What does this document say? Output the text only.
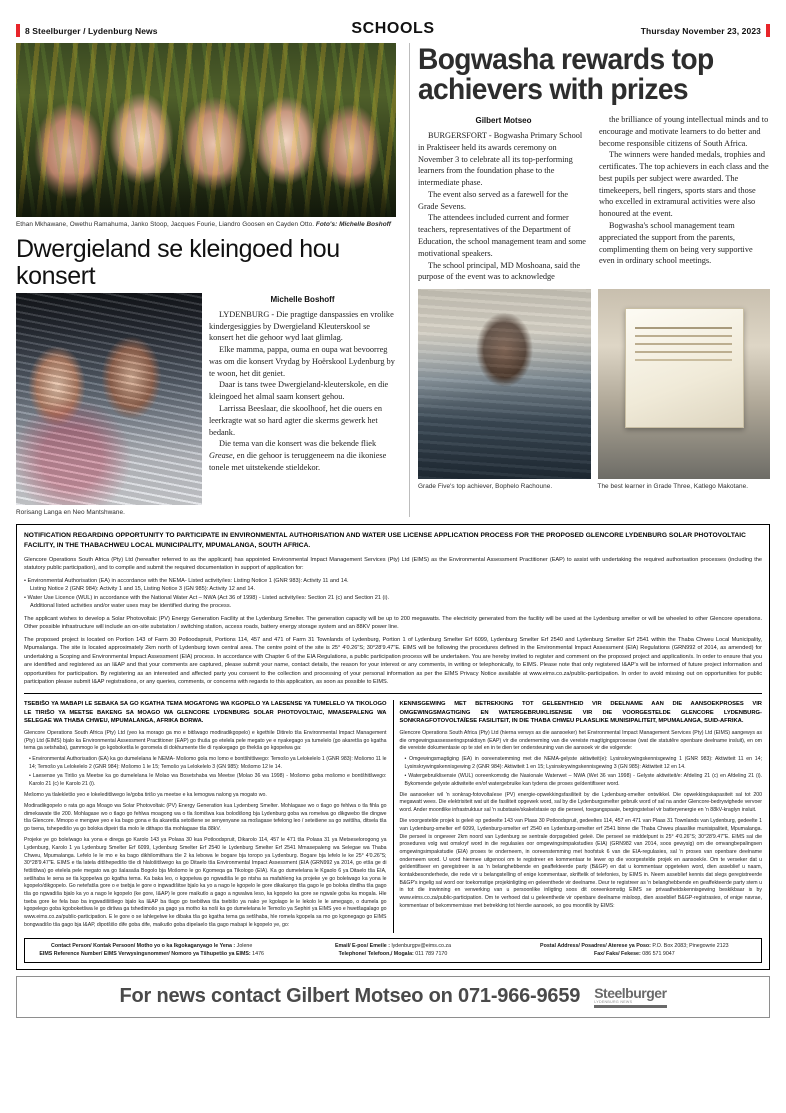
8 Steelburger / Lydenburg News	SCHOOLS	Thursday November 23, 2023

Ethan Mkhawane, Owethu Ramahuma, Janko Stoop, Jacques Fourie, Liandro Goosen en Cayden Otto. Foto's: Michelle Boshoff

Dwergieland se kleingoed hou konsert

Rorisang Langa en Neo Mantshwane.

Michelle Boshoff

LYDENBURG - Die pragtige danspassies en vrolike kindergesiggies by Dwergieland Kleuterskool se konsert het die gehoor wyd laat glimlag.

Elke mamma, pappa, ouma en oupa wat bevoorreg was om die konsert Vrydag by Hoërskool Lydenburg by te woon, het dit geniet.

Daar is tans twee Dwergieland-kleuterskole, en die kleingoed het almal saam konsert gehou.

Larrissa Beeslaar, die skoolhoof, het die ouers en leerkragte wat so hard agter die skerms gewerk het bedank.

Die tema van die konsert was die bekende fliek Grease, en die gehoor is teruggeneem na die ikoniese tonele met uitstekende stieldekor.

Bogwasha rewards top achievers with prizes
Gilbert Motseo

BURGERSFORT - Bogwasha Primary School in Praktiseer held its awards ceremony on November 3 to celebrate all its top-performing learners from the foundation phase to the intermediate phase.

The event also served as a farewell for the Grade Sevens.

The attendees included current and former teachers, representatives of the Department of Education, the school management team and some motivational speakers.

The school principal, MD Moshoana, said the purpose of the event was to acknowledge

the brilliance of young intellectual minds and to encourage and motivate learners to do better and become responsible citizens of South Africa.

The winners were handed medals, trophies and certificates. The top achievers in each class and the best pupils per subject were awarded. The timekeepers, bell ringers, sports stars and those who excelled in extramural activities were also honoured at the event.

Bogwasha's school management team appreciated the support from the parents, complimenting them on being very supportive even in ordinary school meetings.

Grade Five's top achiever, Bophelo Rachoune.	The best learner in Grade Three, Katlego Makotane.

NOTIFICATION REGARDING OPPORTUNITY TO PARTICIPATE IN ENVIRONMENTAL AUTHORISATION AND WATER USE LICENSE APPLICATION PROCESS FOR THE PROPOSED GLENCORE LYDENBURG SOLAR PHOTOVOLTAIC FACILITY, IN THE THABACHWEU LOCAL MUNICIPALITY, MPUMALANGA, SOUTH AFRICA.

Glencore Operations South Africa (Pty) Ltd (hereafter referred to as the applicant) has appointed Environmental Impact Management Services (Pty) Ltd (EIMS) as the Environmental Assessment Practitioner (EAP) to assist with undertaking the required authorisation processes (including the statutory public participation), and to compile and submit the required documentation in support of application for:

• Environmental Authorisation (EA) in accordance with the NEMA- Listed activity/ies: Listing Notice 1 (GNR 983): Activity 11 and 14.
Listing Notice 2 (GNR 984): Activity 1 and 15, Listing Notice 3 (GN 985): Activity 12 and 14.
• Water Use Licence (WUL) in accordance with the National Water Act – NWA (Act 36 of 1998) - Listed activity/ies: Section 21 (c) and Section 21 (i).
Additional listed activities and/or water uses may be identified during the process.

The applicant wishes to develop a Solar Photovoltaic (PV) Energy Generation Facility at the Lydenburg Smelter. The generation capacity will be up to 200 megawatts. The electricity generated from the facility will be used at the Lydenburg smelter or will be wheeled to other Glencore operations. Other possible infrastructure will include an on-site substation / switching station, access roads, battery energy storage system and an 88KV power line.

The proposed project is located on Portion 143 of Farm 30 Potloodspruit, Portions 114, 457 and 471 of Farm 31 Townlands of Lydenburg, Portion 1 of Lydenburg Smelter Erf 6099, Lydenburg Smelter Erf 2540 and Lydenburg Smelter Erf 2541 within the Thaba Chweu Local Municipality, Mpumalanga. The site is located approximately 2km north of Lydenburg town central area. The centre point of the site is 25° 4'0.26"S; 30°28'9.47"E. EIMS will be following the procedures defined in the Environmental Impact Assessment (EIA) Regulations (GRN992 of 2014, as amended) for undertaking a Scoping and Environmental Impact Assessment (EIA) process. In accordance with Chapter 6 of the EIA Regulations, a public participation process will be undertaken. You are hereby invited to register and comment on the proposed project and application/s. In order to ensure that you are identified and registered as an I&AP and that your comments are captured, please submit your name, contact details, the reason for your interest or any comments, in writing or telephonically, to EIMS. Please note that only registered I&AP's will be informed of future project information and opportunities for participation. By registering as an interested and affected party you consent to the collection and processing of your personal information as per the EIMS Privacy Notice available at www.eims.co.za/public-participation. In order to avoid missing out on opportunities for public participation please submit I&AP registrations, or any queries, comments, or concerns with regards to this application, as soon as possible to EIMS.

TSEBIŠO YA MABAPI LE SEBAKA SA GO KGATHA TEMA MOGATONG WA KGOPELO YA LAESENSE YA TUMELELO YA TIKOLOGO LE TIRIŠO YA MEETSE BAKENG SA MOAGO WA GLENCORE LYDENBURG SOLAR PHOTOVOLTAIC, MMASEPALENG WA SELEGAE WA THABA CHWEU, MPUMALANGA, AFRIKA BORWA.

Glencore Operations South Africa (Pty) Ltd (yeo ka morago ga mo e bitšwago modiradikgopelo) e kgethile Ditirelo tša Environmental Impact Management (Pty) Ltd (EIMS) bjalo ka Environmental Assessment Practitioner (EAP) go thuša go etelela pele megato ye e nyakegago ya tumelelo (go akaretša go kgatha tema ga setshaba), gammogo le go kgoboketša le goromela di dokhumente tše di nyakegago go thekša go kgopelwa ga:

• Environmental Authorisation (EA) ka go dumelelana le NEMA- Mošomo gola mo lomo e bontšhitšwego: Temošo ya Lelokelelo 1 (GNR 983): Mošomo 11 le 14; Temošo ya Lelokelelo 2 (GNR 984): Mošomo 1 le 15; Temošo ya Lelokelelo 3 (GN 985): Mošomo 12 le 14.
• Laesense ya Tirišo ya Meetse ka go dumelelana le Molao wa Bosetshaba wa Meetse (Molao 36 wa 1998) - Mošomo goba mošomo e bontšhitšwego: Karolo 21 (c) le Karolo 21 (i).

Mešomo ya tlalekletšo yeo e lokeleditšwego le/goba tirišo ya meetse e ka lemogwa nalong ya mogato wo.

Modiradikgopelo o rata go aga Moago wa Solar Photovoltaic (PV) Energy Generation kua Lydenberg Smelter. Mohlagase wo o tlago go fehlwa o tla fihla go dimekawate tše 200. Mohlagase wo o tlago go fehlwa moagong wa o tla šomišwa kua bolodišong bja Lydenburg goba wa romelwa go dikgwebo tše dingwe tša Glencore. Mmopo e mengwe yeo e ka bago gona e tla akaretša setoišene se senyenyane sa mošagase tefelong leo / seteišene sa go switšha, ditsela tša go tsena, tshepedišo ya go boloka dipeiri tša molo le dithapo tša mohlagase tša 88kV.

Projeke ye go bolelwago ka yona e direga go Karolo 143 ya Polasa 30 kua Potloodspruit, Dikarolo 114, 457 le 471 tša Polasa 31 ya Metseselorogong ya Lydenburg, Karolo 1 ya Lydenburg Smelter Erf 6099, Lydenburg Smelter Erf 2540 le Lydenburg Smelter Erf 2541 Mmasepaleng wa Selegae wa Thaba Chweu, Mpumalanga. Lefelo le le mo e ka bago dikhilomithara tše 2 ka lebowa le bogare bja toropo ya Lydenburg. Bogare bja lefelo le ke 25° 4'0.26"S; 30°28'9.47"E. EIMS e tla latela ditšhepedišo tše di hlalošitšwego ka go Ditaelo tša Environmental Impact Assessment (EIA (GRN992 ya 2014, go etša ge di fetšitšwa) go etelela pele megato wa go šalasaša Bogolo bja Mošomo le go Kgomeqa ga Tikologo (EIA). Ka go dumelelana le Kgaolo 6 ya Ditaelo tša EIA, setšhaba le sena se tla kgopelwa go kgatha tema. Ka baka leo, o kgopelwa go ngwadiša le go ntsha sa mafahleng ka projeke ye go bolelwago ka yona le kgopelo/dikgopelo. Go netefatša gore o e tsebja le gore o ingwadišitse bjalo ka yo a nago le kgopelo le gore dikakanyo tša gago le go boloka dintlha tša gago tša go ngwadiša bjalo ka yo a nago le kgopelo (ke gore, I&AP) le gore maikutlo a gago a ngwalwa leso, ka kgopelo ka gore se ngwale goba ka mogala. Hle tseba gore ke fela bao ba ingwadišitšego bjalo ka I&AP ba tlago go tsebišwa tša tsebišo ya nako ye kgolago le le lekolo le le amegago, o dumela go kgopelego goba kgoboketšwa le go diršwa ga tshedimošo ya gago ya motho ka noši ka go dumelelana le Temošo ya Sephiri ya EIMS yeo e hwetšagalago go www.eims.co.za/public-participation. E le gore o se lahlegelwe ke dibaka tša go kgatha tema ga setšhaba, hle romela kgopela sa mo go kgonegago go EIMS bongwadišo tša gago bja I&AP, dipotšišo dife goba dife, maikutlo goba dipelaelo tša gago mabapi le kgopelo ye, go:

KENNISGEWING MET BETREKKING TOT GELEENTHEID VIR DEELNAME AAN DIE AANSOEKPROSES VIR OMGEWINGSMAGTIGING EN WATERGEBRUIKLISENSIE VIR DIE VOORGESTELDE GLENCORE LYDENBURG-SONKRAGFOTOVOLTAÏESE FASILITEIT, IN DIE THABA CHWEU PLAASLIKE MUNISIPALITEIT, MPUMALANGA, SUID-AFRIKA.

Glencore Operations South Africa (Pty) Ltd (hierna verwys as die aansoeker) het Environmental Impact Management Services (Pty) Ltd (EIMS) aangewys as die omgewingsassesseringspraktisyn (EAP) vir die onderneming van die vereiste magtigingsprosesse (wat die statutêre openbare deelname insluit), en om die vereiste dokumentasie op te stel en in te dien ter ondersteuning van die aansoek vir die volgende:

• Omgewingsmagtiging (EA) in ooreenstemming met die NEMA-gelyste aktiwiteit(e): Lysinskrywingskennisgewing 1 (GNR 983): Aktiwiteit 11 en 14; Lysinskrywingskennisgewing 2 (GNR 984): Aktiwiteit 1 en 15; Lysinskrywingskennisgewing 3 (GN 985): Aktiwiteit 12 en 14.
• Watergebruiklisensie (WUL) ooreenkomstig die Nasionale Waterwet – NWA (Wet 36 van 1998) - Gelyste aktiwiteit/e: Afdeling 21 (c) en Afdeling 21 (i). Bykomende gelyste aktiwiteite en/of watergebruike kan tydens die proses geïdentifiseer word.

Die aansoeker wil 'n sonkrag-fotovoltaïese (PV) energie-opwekkingsfasiliteit by die Lydenburg-smelter ontwikkel. Die opwekkingskapasiteit sal tot 200 megawatt wees. Die elektrisiteit wat uit die fasiliteit opgewek word, sal by die Lydenburgsmelter gebruik word of sal na ander Glencore-bedrywighede vervoer word. Ander moontlike infrastruktuur sal 'n substasie/skakelstasie op die perseel, toegangspaaie, bergingstelsel vir batteryenergie en 'n 88kV-kraglyn insluit.

Die voorgestelde projek is geleë op gedeelte 143 van Plaas 30 Potloodspruit, gedeeltes 114, 457 en 471 van Plaas 31 Townlands van Lydenburg, gedeelte 1 van Lydenburg-smelter erf 6099, Lydenburg-smelter erf 2540 en Lydenburg-smelter erf 2541 binne die Thaba Chweu plaaslike munisipaliteit, Mpumalanga. Die perseel is ongeveer 2km noord van Lydenburg se sentrale dorpsgebied geleë. Die perseel se middelpunt is 25° 4'0.26"S; 30°28'9.47"E. EIMS sal die prosedures volg wat omskryf word in die regulasies oor omgewingsimpakstudies (EIA) (GRN982 van 2014, soos gewysig) om die omvangbepalingsen omgewingsimpakstudie (EIA) proses te onderneem, in ooreenstemming met hoofstuk 6 van die EIA-regulasies, sal 'n proses van openbare deelname onderneem word. U word hiermee uitgenooi om te registreer en kommentaar te lewer op die voorgestelde projek en aansoek/e. Om te verseker dat u geïdentifiseer en geregistreer is as 'n belanghebbende en geaffekteerde party (B&GP) en dat u kommentaar opgeteken word, dien asseblief u naam, kontakbesonderhede, die rede vir u belangstelling of enige kommentaar, skriftelik of telefonies, by EIMS in. Neem asseblief kennis dat slegs geregistreerde B&GP's ingelig sal word oor toekomstige projekinligting en geleenthede vir deelname. Deur te registreer as 'n belanghebbende en geaffekteerde party stem u in tot die inwinning en verwerking van u persoonlike inligting soos dit ooreenkomstig EIMS se privaatheidskennisgewing beskikbaar is by www.eims.co.za/public-participation. Om te verhoed dat u geleenthede vir openbare deelname misloop, dien asseblief B&GP-registrasies, of enige navrae, kommentaar of bekommernisse met betrekking tot hierdie aansoek, so gou moontlik by EIMS:

Contact Person/ Kontak Persoon/ Motho yo o ka Ikgokaganyago le Yena : Jolene
EIMS Reference Number/ EIMS Verwysingsnommer/ Nomoro ya Tšhupetšo ya EIMS: 1476
Email/ E-pos/ Emeile : lydenburgpv@eims.co.za
Telephone/ Telefoon,/ Mogala: 011 789 7170
Postal Address/ Posadres/ Aterese ya Poso: P.O. Box 2083; Pinegowrie 2123
Fax/ Faks/ Fekese: 086 571 9047
For news contact Gilbert Motseo on 071-966-9659 Steelburger
LYDENBURG NEWS
